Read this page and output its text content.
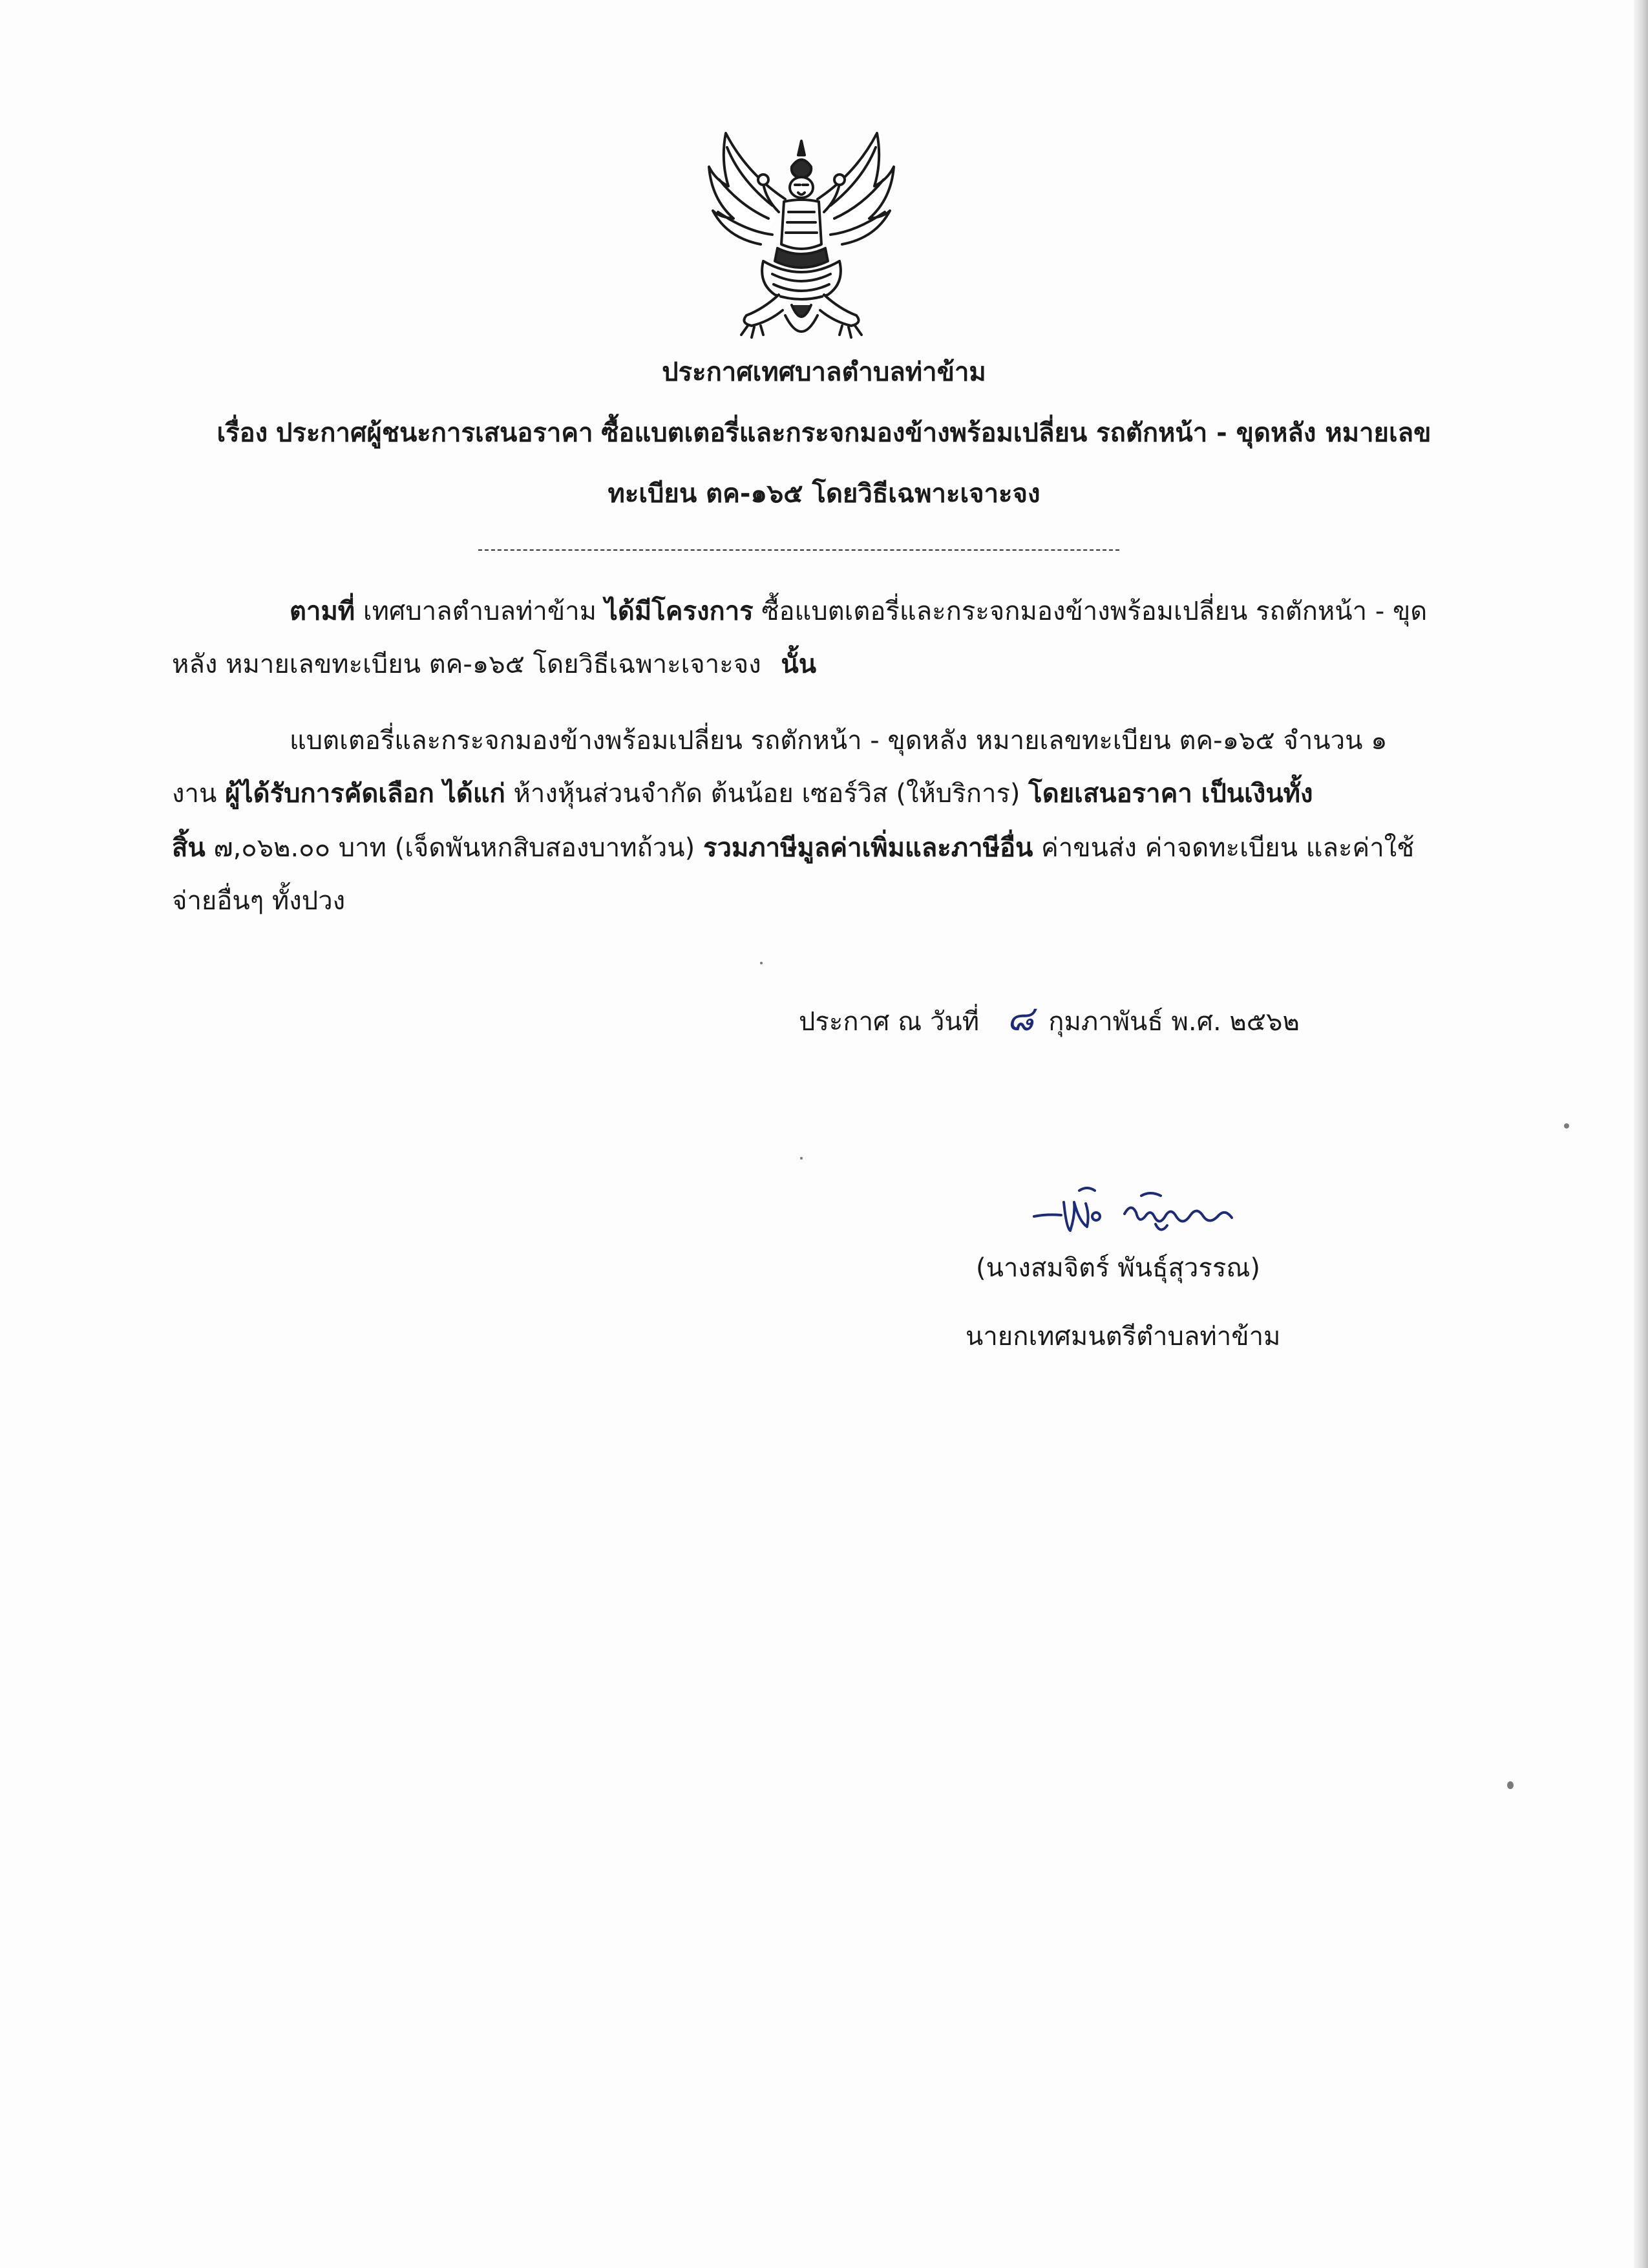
ประกาศเทศบาลตำบลท่าข้าม
เรื่อง ประกาศผู้ชนะการเสนอราคา ซื้อแบตเตอรี่และกระจกมองข้างพร้อมเปลี่ยน รถตักหน้า - ขุดหลัง หมายเลข
ทะเบียน ตค-๑๖๕ โดยวิธีเฉพาะเจาะจง
ตามที่ เทศบาลตำบลท่าข้าม ได้มีโครงการ ซื้อแบตเตอรี่และกระจกมองข้างพร้อมเปลี่ยน รถตักหน้า - ขุด
หลัง หมายเลขทะเบียน ตค-๑๖๕ โดยวิธีเฉพาะเจาะจง นั้น
แบตเตอรี่และกระจกมองข้างพร้อมเปลี่ยน รถตักหน้า - ขุดหลัง หมายเลขทะเบียน ตค-๑๖๕ จำนวน ๑
งาน ผู้ได้รับการคัดเลือก ได้แก่ ห้างหุ้นส่วนจำกัด ต้นน้อย เซอร์วิส (ให้บริการ) โดยเสนอราคา เป็นเงินทั้ง
สิ้น ๗,๐๖๒.๐๐ บาท (เจ็ดพันหกสิบสองบาทถ้วน) รวมภาษีมูลค่าเพิ่มและภาษีอื่น ค่าขนส่ง ค่าจดทะเบียน และค่าใช้
จ่ายอื่นๆ ทั้งปวง
ประกาศ ณ วันที่ ๘ กุมภาพันธ์ พ.ศ. ๒๕๖๒
(นางสมจิตร์ พันธุ์สุวรรณ)
นายกเทศมนตรีตำบลท่าข้าม
